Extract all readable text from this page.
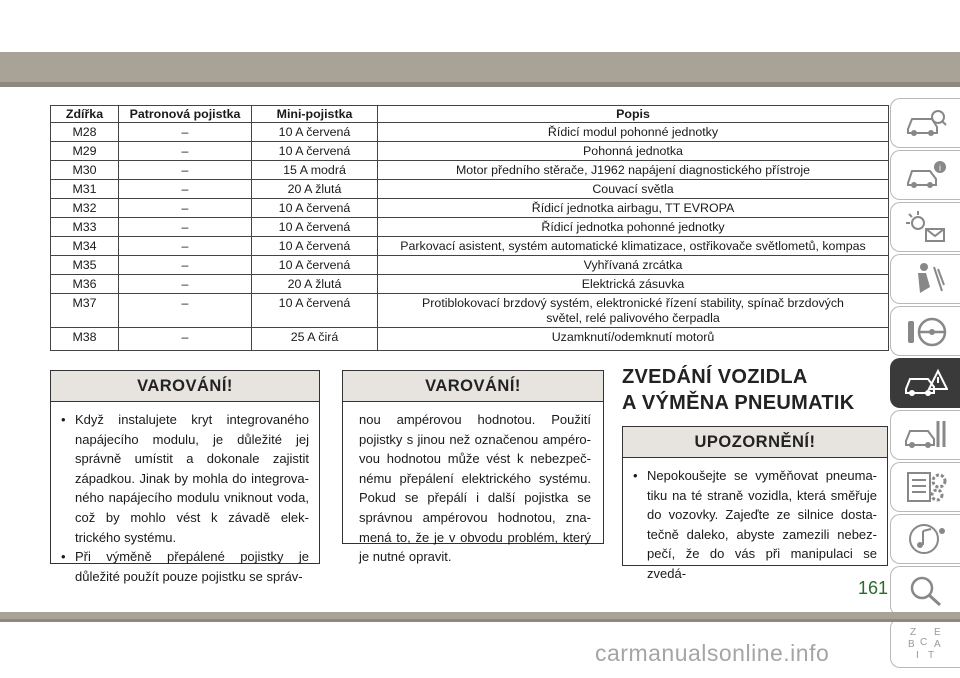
Zdířka	Patronová pojistka	Mini-pojistka	Popis
M28	–	10 A červená	Řídicí modul pohonné jednotky
M29	–	10 A červená	Pohonná jednotka
M30	–	15 A modrá	Motor předního stěrače, J1962 napájení diagnostického přístroje
M31	–	20 A žlutá	Couvací světla
M32	–	10 A červená	Řídicí jednotka airbagu, TT EVROPA
M33	–	10 A červená	Řídicí jednotka pohonné jednotky
M34	–	10 A červená	Parkovací asistent, systém automatické klimatizace, ostřikovače světlometů, kompas
M35	–	10 A červená	Vyhřívaná zrcátka
M36	–	20 A žlutá	Elektrická zásuvka
M37	–	10 A červená	Protiblokovací brzdový systém, elektronické řízení stability, spínač brzdových světel, relé palivového čerpadla
M38	–	25 A čirá	Uzamknutí/odemknutí motorů
VAROVÁNÍ!
• Když instalujete kryt integrovaného napájecího modulu, je důležité jej správně umístit a dokonale zajistit západkou. Jinak by mohla do integrova-ného napájecího modulu vniknout voda, což by mohlo vést k závadě elek-trického systému.
• Při výměně přepálené pojistky je důležité použít pouze pojistku se správ-
VAROVÁNÍ!
nou ampérovou hodnotou. Použití pojistky s jinou než označenou ampéro-vou hodnotou může vést k nebezpeč-nému přepálení elektrického systému. Pokud se přepálí i další pojistka se správnou ampérovou hodnotou, zna-mená to, že je v obvodu problém, který je nutné opravit.
ZVEDÁNÍ VOZIDLA
A VÝMĚNA PNEUMATIK
UPOZORNĚNÍ!
• Nepokoušejte se vyměňovat pneuma-tiku na té straně vozidla, která směřuje do vozovky. Zajeďte ze silnice dosta-tečně daleko, abyste zamezili nebez-pečí, že do vás při manipulaci se zvedá-
i
Z E
B A
C
I T
161
carmanualsonline.info
